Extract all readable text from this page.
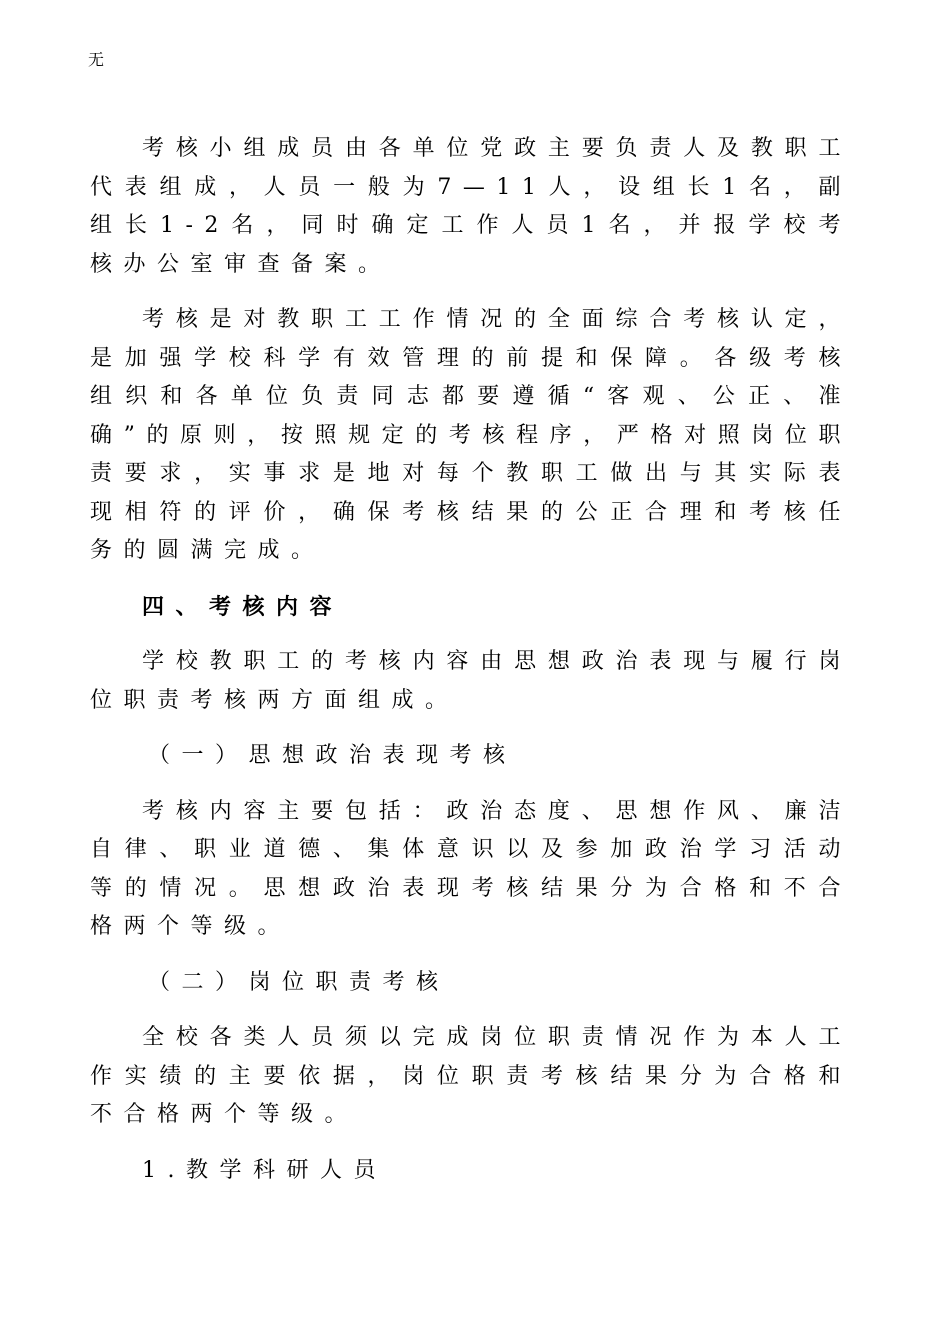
无

考核小组成员由各单位党政主要负责人及教职工代表组成，人员一般为7—11人，设组长1名，副组长1-2名，同时确定工作人员1名，并报学校考核办公室审查备案。

考核是对教职工工作情况的全面综合考核认定，是加强学校科学有效管理的前提和保障。各级考核组织和各单位负责同志都要遵循“客观、公正、准确”的原则，按照规定的考核程序，严格对照岗位职责要求，实事求是地对每个教职工做出与其实际表现相符的评价，确保考核结果的公正合理和考核任务的圆满完成。

四、考核内容

学校教职工的考核内容由思想政治表现与履行岗位职责考核两方面组成。

（一）思想政治表现考核

考核内容主要包括：政治态度、思想作风、廉洁自律、职业道德、集体意识以及参加政治学习活动等的情况。思想政治表现考核结果分为合格和不合格两个等级。

（二）岗位职责考核

全校各类人员须以完成岗位职责情况作为本人工作实绩的主要依据，岗位职责考核结果分为合格和不合格两个等级。

1.教学科研人员
